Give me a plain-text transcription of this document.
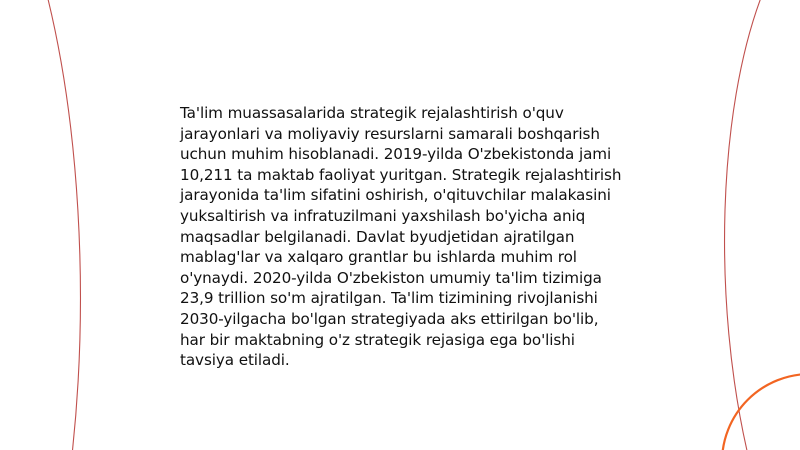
Ta'lim muassasalarida strategik rejalashtirish o'quv jarayonlari va moliyaviy resurslarni samarali boshqarish uchun muhim hisoblanadi. 2019-yilda O'zbekistonda jami 10,211 ta maktab faoliyat yuritgan. Strategik rejalashtirish jarayonida ta'lim sifatini oshirish, o'qituvchilar malakasini yuksaltirish va infratuzilmani yaxshilash bo'yicha aniq maqsadlar belgilanadi. Davlat byudjetidan ajratilgan mablag'lar va xalqaro grantlar bu ishlarda muhim rol o'ynaydi. 2020-yilda O'zbekiston umumiy ta'lim tizimiga 23,9 trillion so'm ajratilgan. Ta'lim tizimining rivojlanishi 2030-yilgacha bo'lgan strategiyada aks ettirilgan bo'lib, har bir maktabning o'z strategik rejasiga ega bo'lishi tavsiya etiladi.
